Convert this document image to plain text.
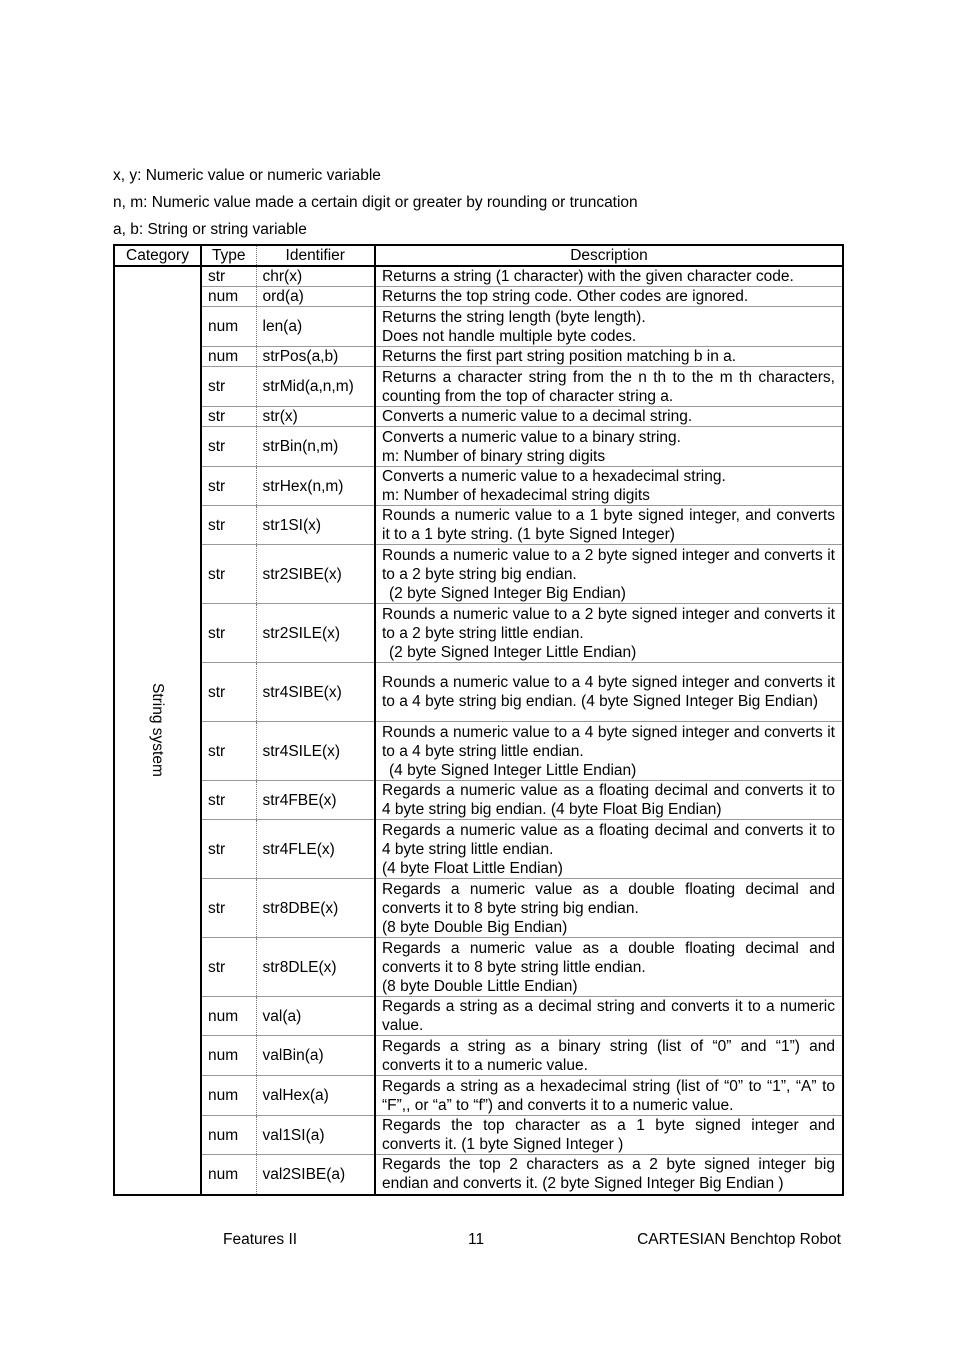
x, y: Numeric value or numeric variable

n, m: Numeric value made a certain digit or greater by rounding or truncation

a, b: String or string variable

Category	Type	Identifier	Description

String system	str	chr(x)	Returns a string (1 character) with the given character code.

	num	ord(a)	Returns the top string code. Other codes are ignored.

	num	len(a)	Returns the string length (byte length).
Does not handle multiple byte codes.

	num	strPos(a,b)	Returns the first part string position matching b in a.

	str	strMid(a,n,m)	Returns a character string from the n th to the m th characters, counting from the top of character string a.

	str	str(x)	Converts a numeric value to a decimal string.

	str	strBin(n,m)	Converts a numeric value to a binary string.
m: Number of binary string digits

	str	strHex(n,m)	Converts a numeric value to a hexadecimal string.
m: Number of hexadecimal string digits

	str	str1SI(x)	Rounds a numeric value to a 1 byte signed integer, and converts it to a 1 byte string. (1 byte Signed Integer)

	str	str2SIBE(x)	Rounds a numeric value to a 2 byte signed integer and converts it to a 2 byte string big endian.
(2 byte Signed Integer Big Endian)

	str	str2SILE(x)	Rounds a numeric value to a 2 byte signed integer and converts it to a 2 byte string little endian.
(2 byte Signed Integer Little Endian)

	str	str4SIBE(x)	Rounds a numeric value to a 4 byte signed integer and converts it to a 4 byte string big endian. (4 byte Signed Integer Big Endian)

	str	str4SILE(x)	Rounds a numeric value to a 4 byte signed integer and converts it to a 4 byte string little endian.
(4 byte Signed Integer Little Endian)

	str	str4FBE(x)	Regards a numeric value as a floating decimal and converts it to 4 byte string big endian. (4 byte Float Big Endian)

	str	str4FLE(x)	Regards a numeric value as a floating decimal and converts it to 4 byte string little endian.
(4 byte Float Little Endian)

	str	str8DBE(x)	Regards a numeric value as a double floating decimal and converts it to 8 byte string big endian.
(8 byte Double Big Endian)

	str	str8DLE(x)	Regards a numeric value as a double floating decimal and converts it to 8 byte string little endian.
(8 byte Double Little Endian)

	num	val(a)	Regards a string as a decimal string and converts it to a numeric value.

	num	valBin(a)	Regards a string as a binary string (list of “0” and “1”) and converts it to a numeric value.

	num	valHex(a)	Regards a string as a hexadecimal string (list of “0” to “1”, “A” to “F”,, or “a” to “f”) and converts it to a numeric value.

	num	val1SI(a)	Regards the top character as a 1 byte signed integer and converts it. (1 byte Signed Integer )

	num	val2SIBE(a)	Regards the top 2 characters as a 2 byte signed integer big endian and converts it. (2 byte Signed Integer Big Endian )

Features II	11	CARTESIAN Benchtop Robot
